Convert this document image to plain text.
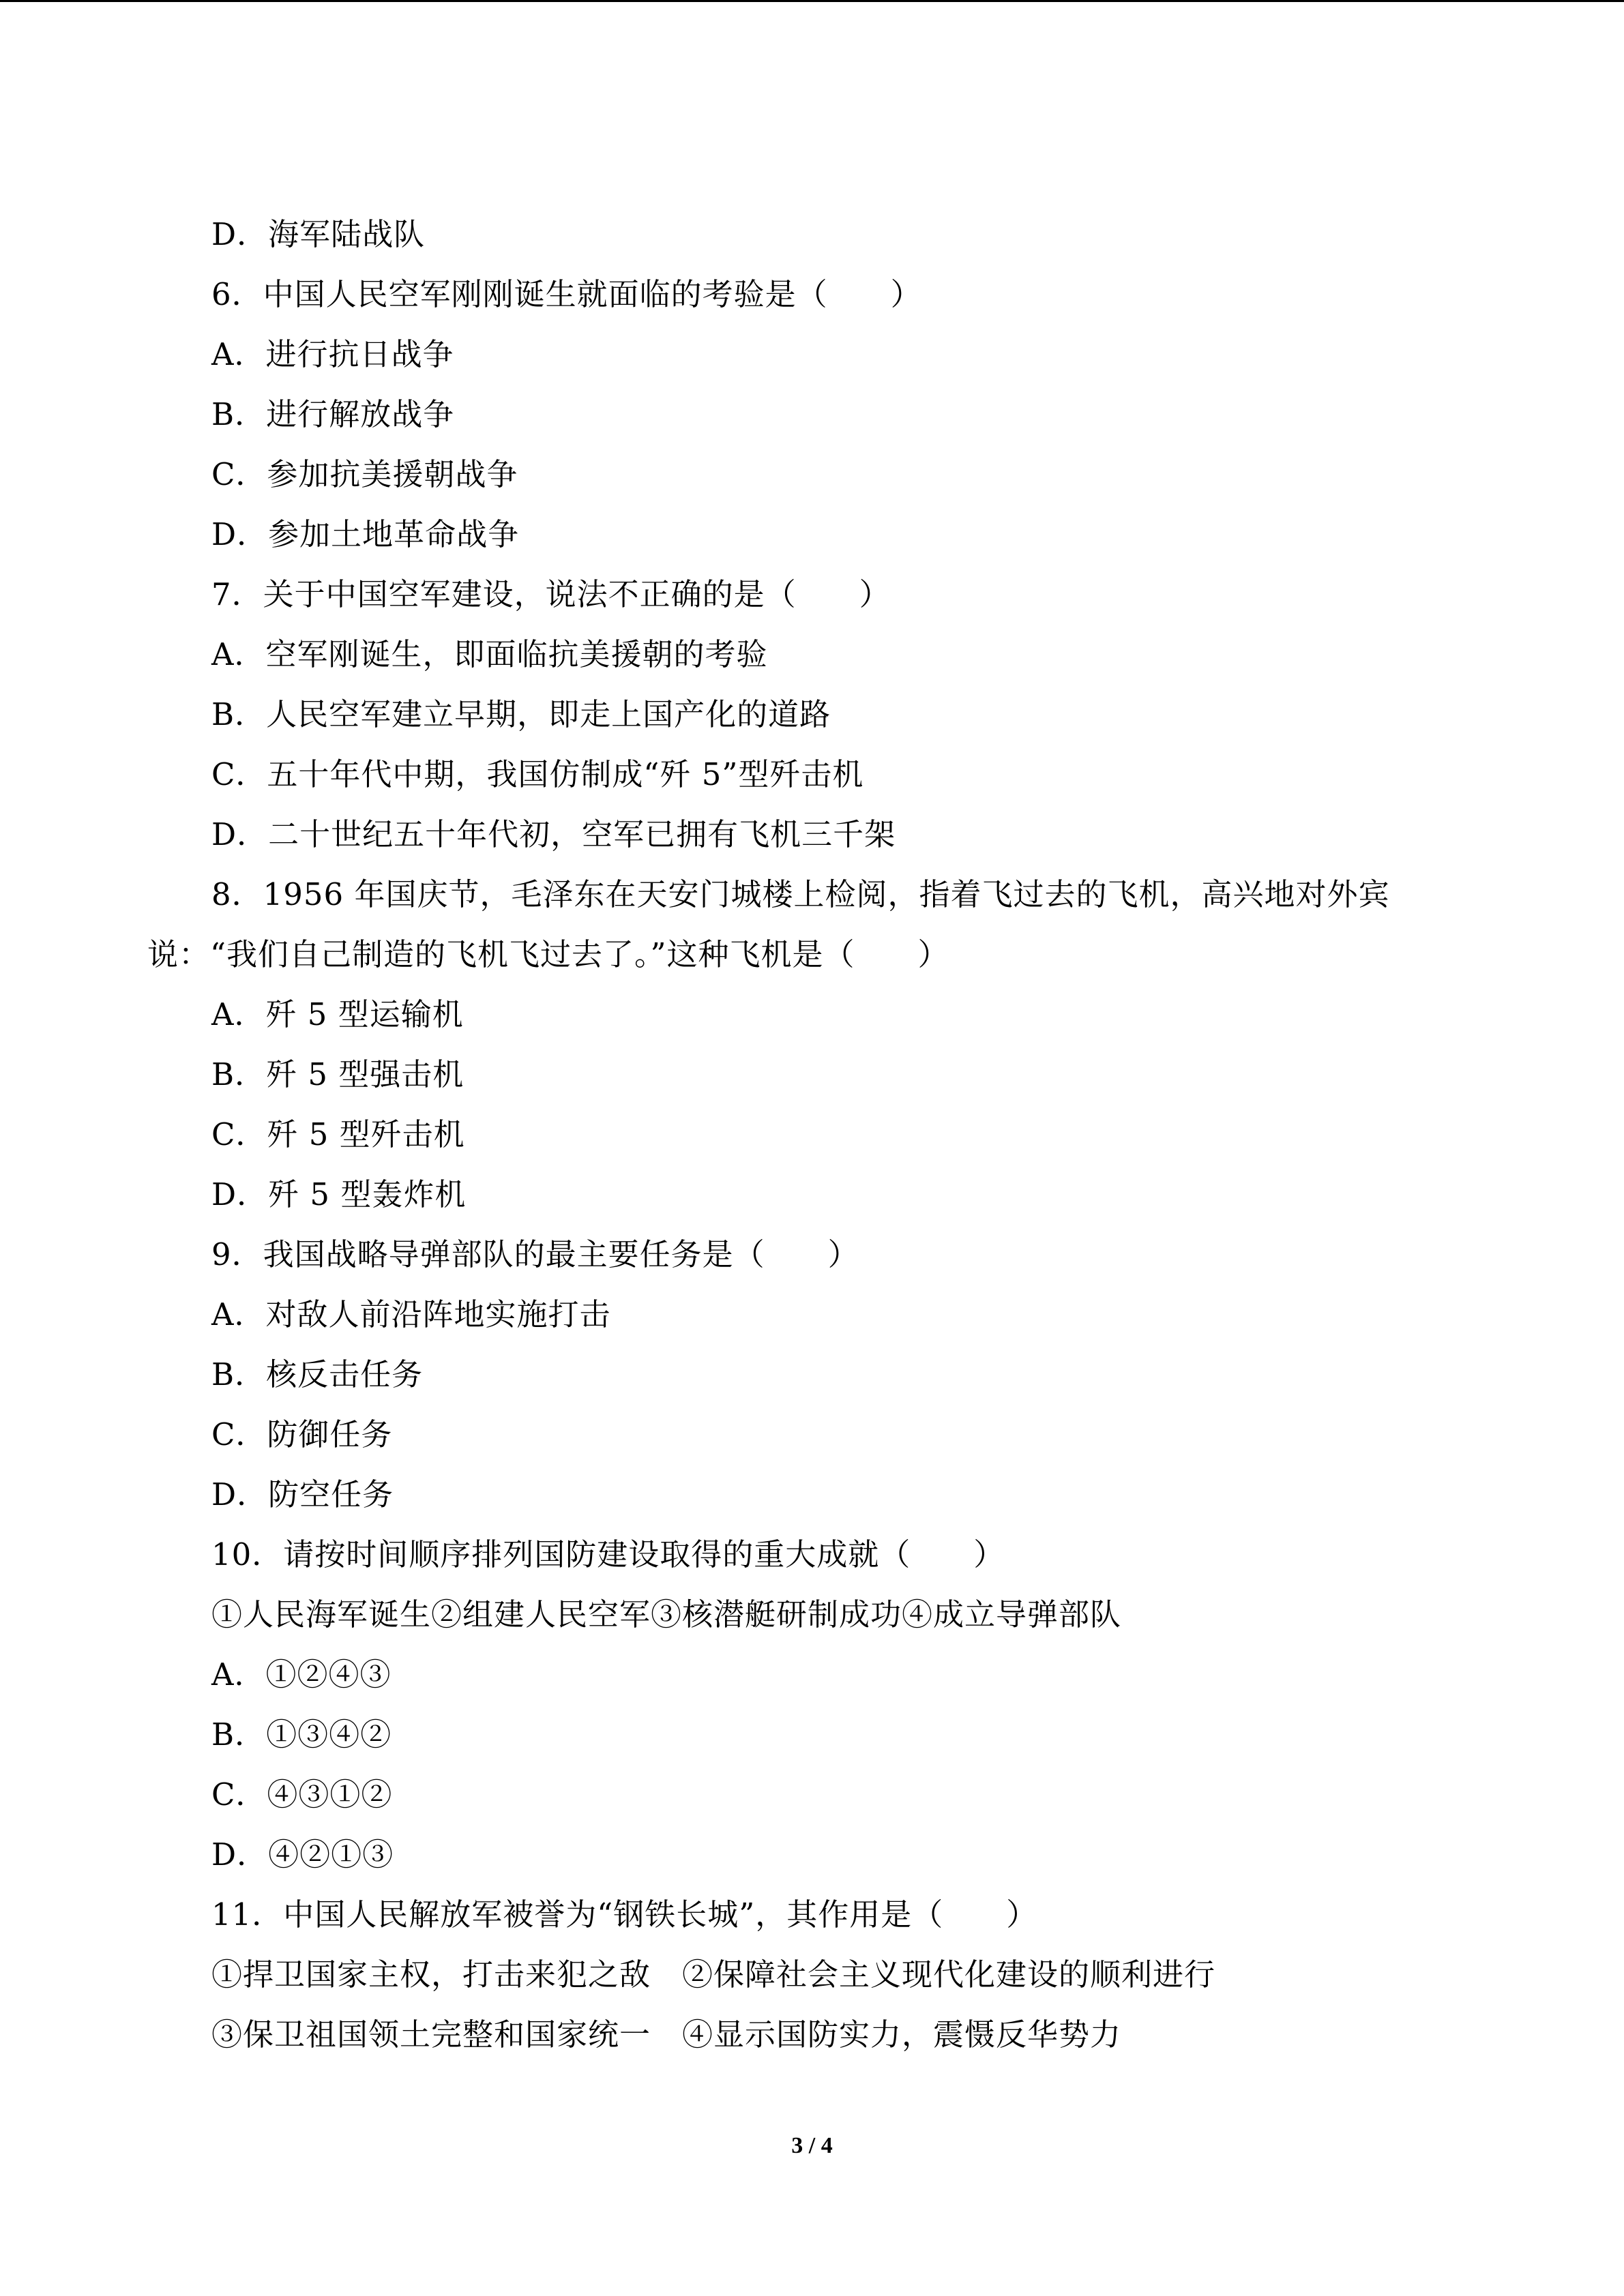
D．海军陆战队
6．中国人民空军刚刚诞生就面临的考验是（　　）
A．进行抗日战争
B．进行解放战争
C．参加抗美援朝战争
D．参加土地革命战争
7．关于中国空军建设，说法不正确的是（　　）
A．空军刚诞生，即面临抗美援朝的考验
B．人民空军建立早期，即走上国产化的道路
C．五十年代中期，我国仿制成“歼 5”型歼击机
D．二十世纪五十年代初，空军已拥有飞机三千架
8．1956 年国庆节，毛泽东在天安门城楼上检阅，指着飞过去的飞机，高兴地对外宾
说：“我们自己制造的飞机飞过去了。”这种飞机是（　　）
A．歼 5 型运输机
B．歼 5 型强击机
C．歼 5 型歼击机
D．歼 5 型轰炸机
9．我国战略导弹部队的最主要任务是（　　）
A．对敌人前沿阵地实施打击
B．核反击任务
C．防御任务
D．防空任务
10．请按时间顺序排列国防建设取得的重大成就（　　）
①人民海军诞生②组建人民空军③核潜艇研制成功④成立导弹部队
A．①②④③
B．①③④②
C．④③①②
D．④②①③
11．中国人民解放军被誉为“钢铁长城”，其作用是（　　）
①捍卫国家主权，打击来犯之敌　②保障社会主义现代化建设的顺利进行
③保卫祖国领土完整和国家统一　④显示国防实力，震慑反华势力
3 / 4
